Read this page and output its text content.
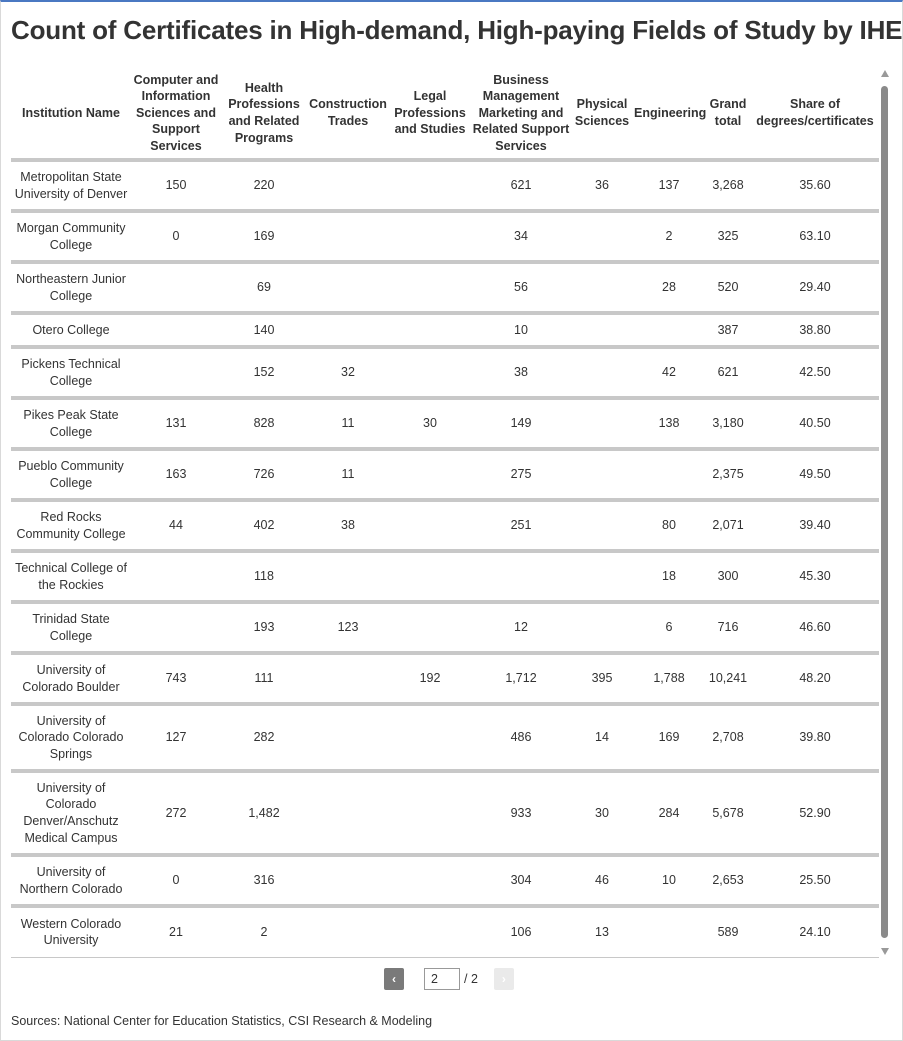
Count of Certificates in High-demand, High-paying Fields of Study by IHE
Institution Name	Computer and Information Sciences and Support Services	Health Professions and Related Programs	Construction Trades	Legal Professions and Studies	Business Management Marketing and Related Support Services	Physical Sciences	Engineering	Grand total	Share of degrees/certificates
Metropolitan State University of Denver	150	220			621	36	137	3,268	35.60
Morgan Community College	0	169			34		2	325	63.10
Northeastern Junior College		69			56		28	520	29.40
Otero College		140			10			387	38.80
Pickens Technical College		152	32		38		42	621	42.50
Pikes Peak State College	131	828	11	30	149		138	3,180	40.50
Pueblo Community College	163	726	11		275			2,375	49.50
Red Rocks Community College	44	402	38		251		80	2,071	39.40
Technical College of the Rockies		118					18	300	45.30
Trinidad State College		193	123		12		6	716	46.60
University of Colorado Boulder	743	111		192	1,712	395	1,788	10,241	48.20
University of Colorado Colorado Springs	127	282			486	14	169	2,708	39.80
University of Colorado Denver/Anschutz Medical Campus	272	1,482			933	30	284	5,678	52.90
University of Northern Colorado	0	316			304	46	10	2,653	25.50
Western Colorado University	21	2			106	13		589	24.10
‹	2	/ 2 ›
Sources: National Center for Education Statistics, CSI Research & Modeling
